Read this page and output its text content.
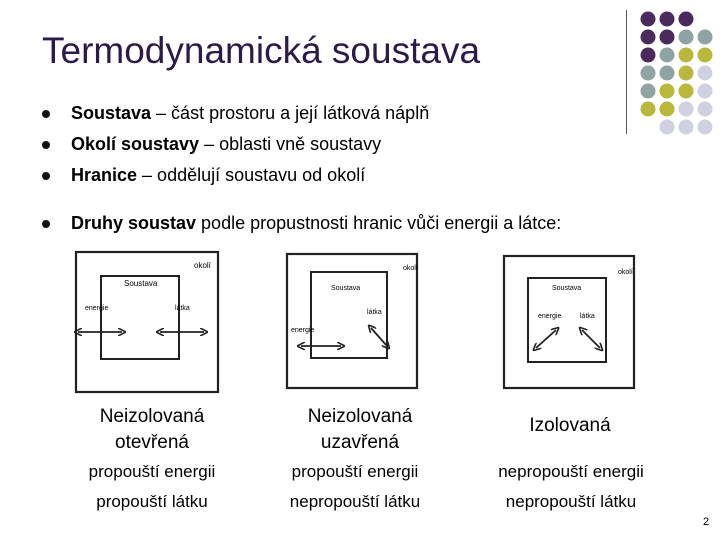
Termodynamická soustava
Soustava – část prostoru a její látková náplň
Okolí soustavy – oblasti vně soustavy
Hranice – oddělují soustavu od okolí
Druhy soustav podle propustnosti hranic vůči energii a látce:
okolí
Soustava
energie	látka
okolí
Soustava
energie
látka
okolí
Soustava
energie	látka
Neizolovaná
otevřená
Neizolovaná
uzavřená
Izolovaná
propouští energii
propouští látku
propouští energii
nepropouští látku
nepropouští energii
nepropouští látku
2
